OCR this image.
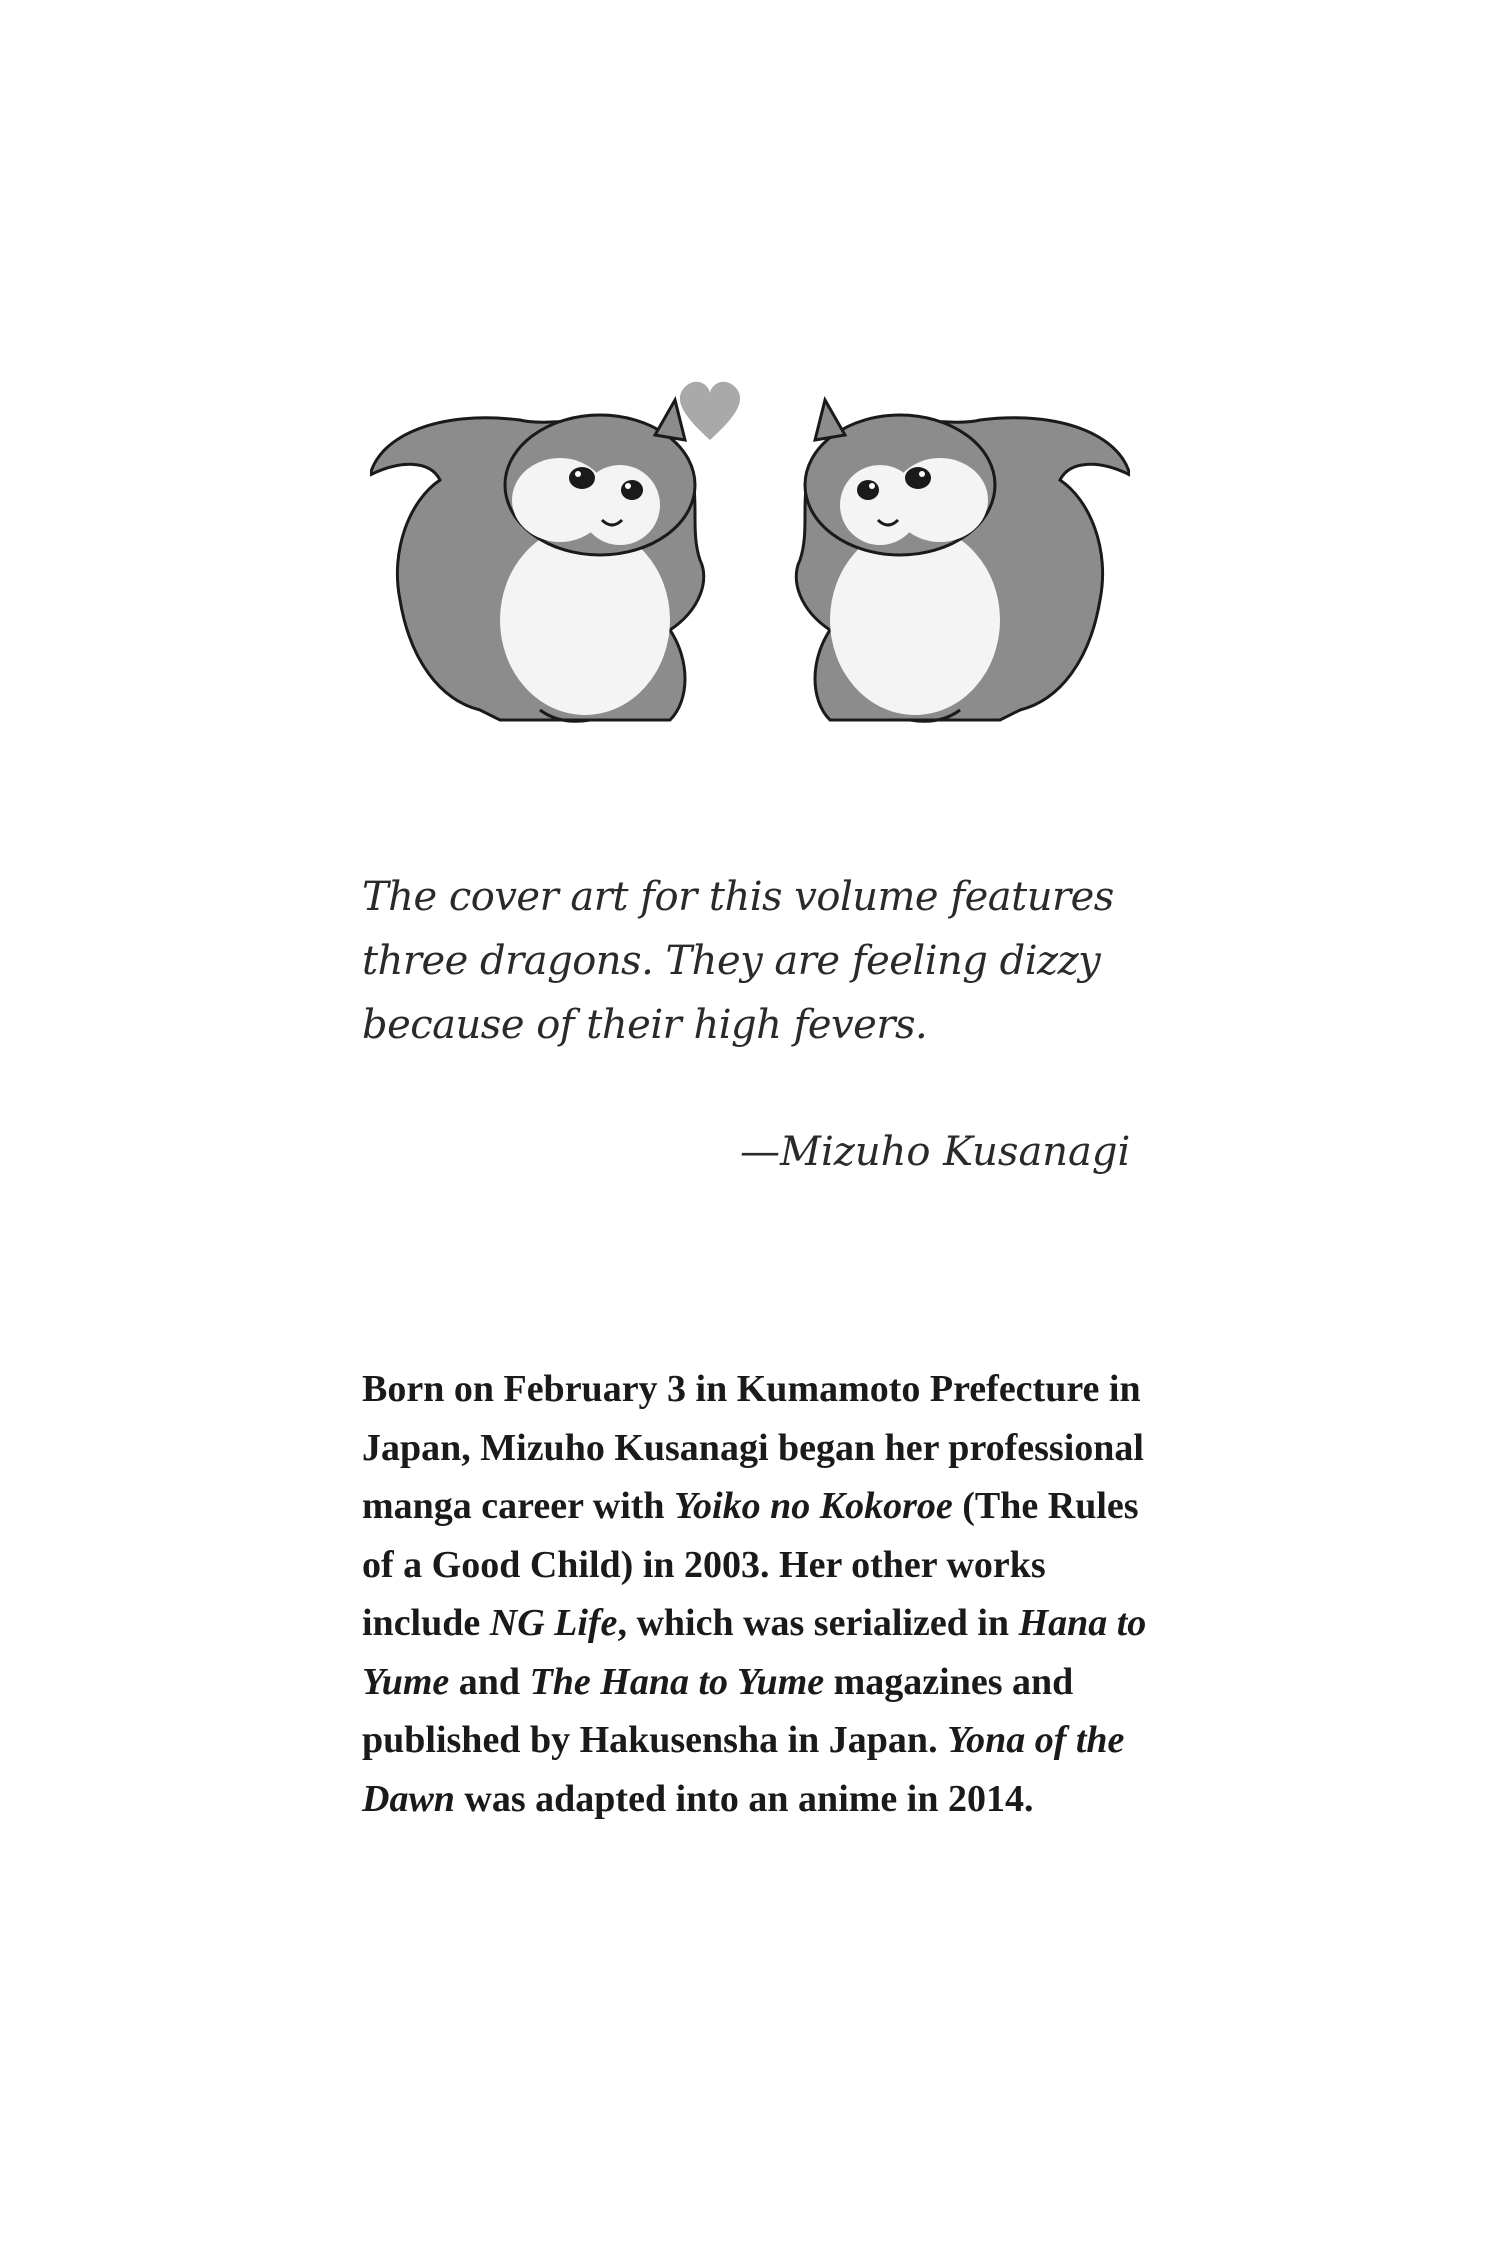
The cover art for this volume features three dragons. They are feeling dizzy because of their high fevers.
—Mizuho Kusanagi

Born on February 3 in Kumamoto Prefecture in Japan, Mizuho Kusanagi began her professional manga career with Yoiko no Kokoroe (The Rules of a Good Child) in 2003. Her other works include NG Life, which was serialized in Hana to Yume and The Hana to Yume magazines and published by Hakusensha in Japan. Yona of the Dawn was adapted into an anime in 2014.
